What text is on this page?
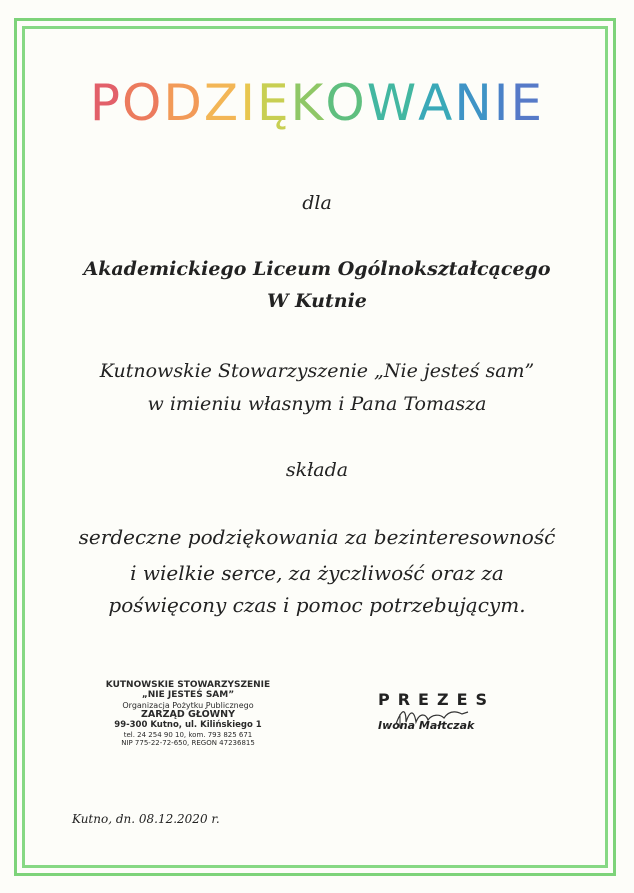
PODZIĘKOWANIE
dla
Akademickiego Liceum Ogólnokształcącego
W Kutnie
Kutnowskie Stowarzyszenie „Nie jesteś sam”
w imieniu własnym i Pana Tomasza
składa
serdeczne podziękowania za bezinteresowność
i wielkie serce, za życzliwość oraz za
poświęcony czas i pomoc potrzebującym.
KUTNOWSKIE STOWARZYSZENIE
„NIE JESTEŚ SAM”
Organizacja Pożytku Publicznego
ZARZĄD GŁÓWNY
99-300 Kutno, ul. Kilińskiego 1
tel. 24 254 90 10, kom. 793 825 671
NIP 775-22-72-650, REGON 47236815
PREZES
Iwona Małtczak
Kutno, dn. 08.12.2020 r.
